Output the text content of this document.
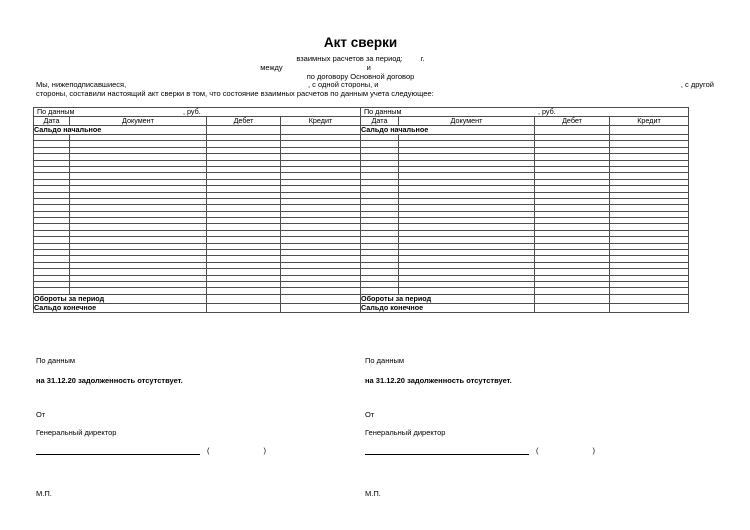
Акт сверки
взаимных расчетов за период: г.
между	и
по договору Основной договор
Мы, нижеподписавшиеся,	, с одной стороны, и	, с другой
стороны, составили настоящий акт сверки в том, что состояние взаимных расчетов по данным учета следующее:
По данным , руб.				По данным , руб.			

Дата	Документ	Дебет	Кредит	Дата	Документ	Дебет	Кредит
Сальдо начальное				Сальдо начальное			

Обороты за период				Обороты за период			
Сальдо конечное				Сальдо конечное			
По данным
на 31.12.20 задолженность отсутствует.
От
Генеральный директор
(	)
М.П.
По данным
на 31.12.20 задолженность отсутствует.
От
Генеральный директор
(	)
М.П.
